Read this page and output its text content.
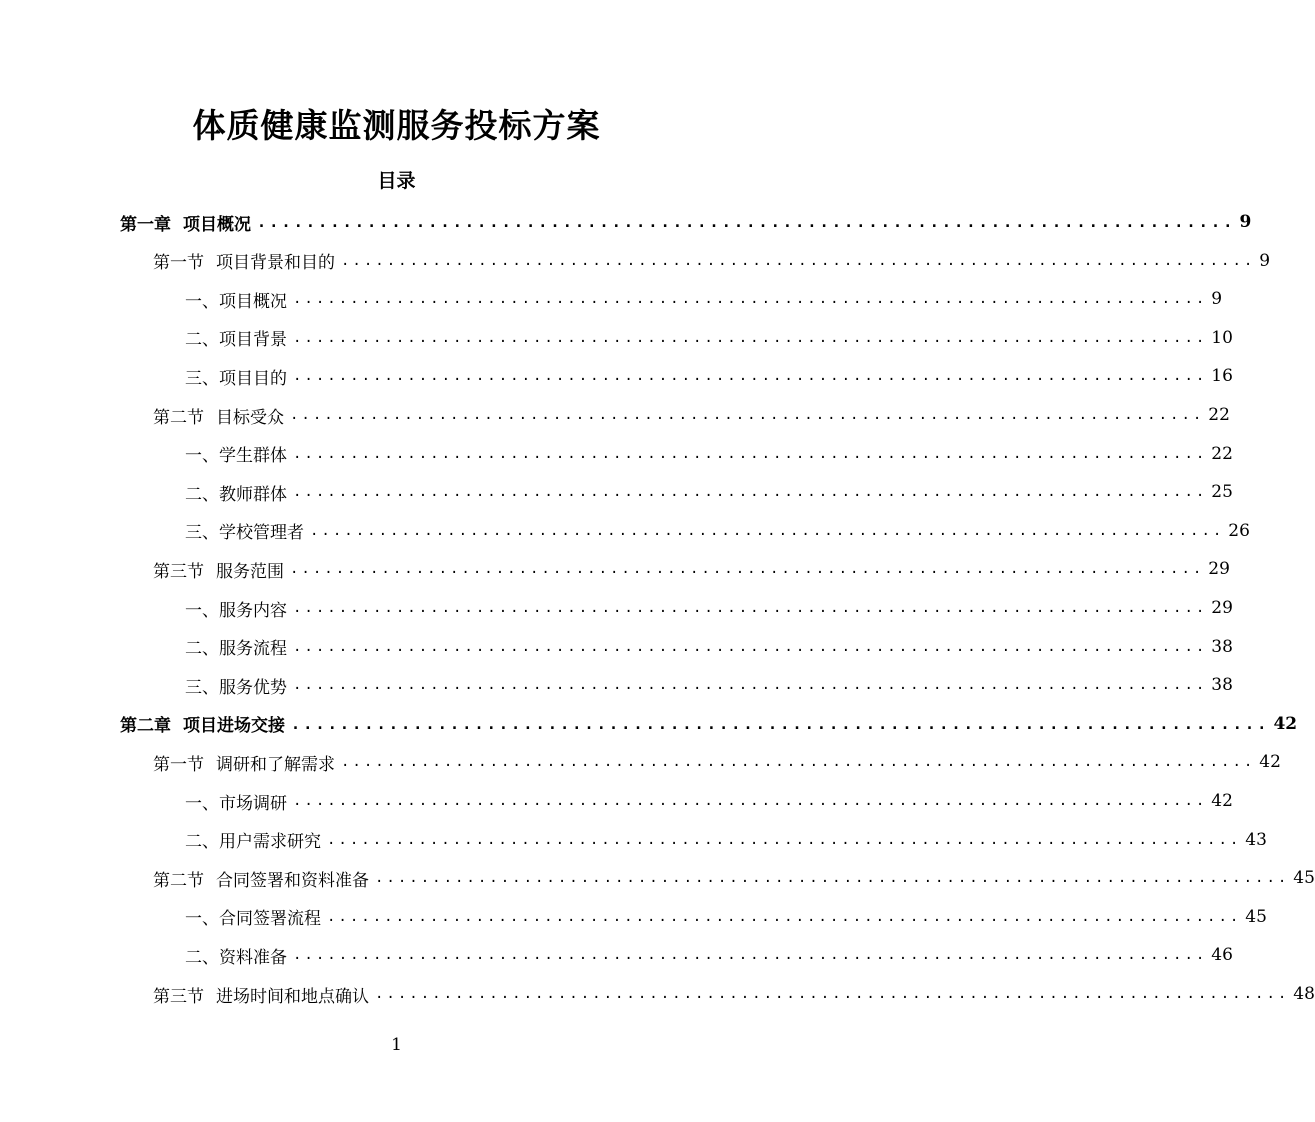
体质健康监测服务投标方案
目录
第一章 项目概况 ................................................................................ 9
第一节 项目背景和目的 ................................................................................ 9
一、 项目概况 ................................................................................ 9
二、 项目背景 ................................................................................ 10
三、 项目目的 ................................................................................ 16
第二节 目标受众 ................................................................................ 22
一、 学生群体 ................................................................................ 22
二、 教师群体 ................................................................................ 25
三、 学校管理者 ................................................................................ 26
第三节 服务范围 ................................................................................ 29
一、 服务内容 ................................................................................ 29
二、 服务流程 ................................................................................ 38
三、 服务优势 ................................................................................ 38
第二章 项目进场交接 ................................................................................ 42
第一节 调研和了解需求 ................................................................................ 42
一、 市场调研 ................................................................................ 42
二、 用户需求研究 ................................................................................ 43
第二节 合同签署和资料准备 ................................................................................ 45
一、 合同签署流程 ................................................................................ 45
二、 资料准备 ................................................................................ 46
第三节 进场时间和地点确认 ................................................................................ 48
1
